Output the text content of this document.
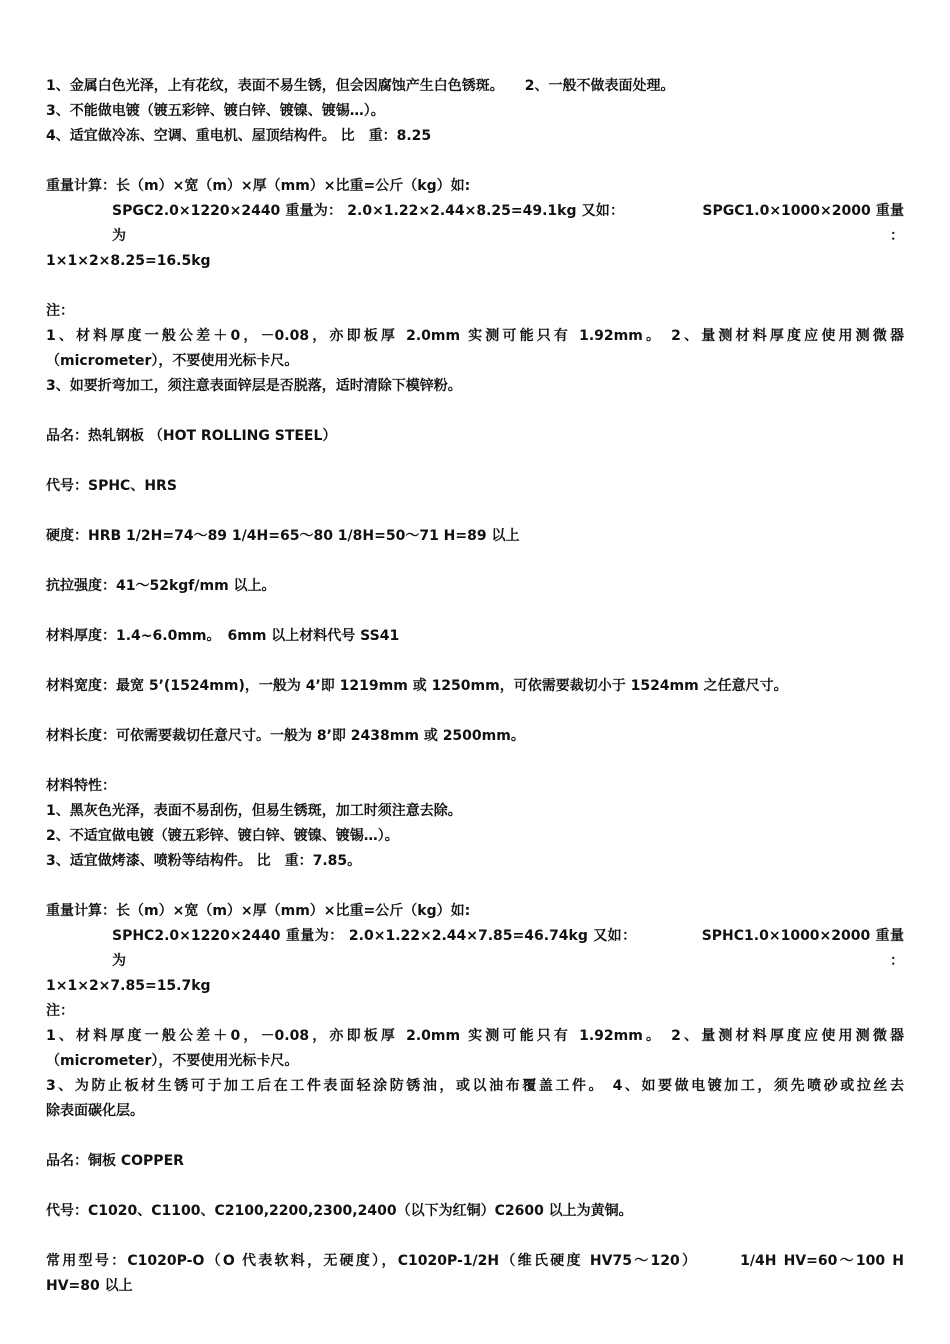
1、金属白色光泽，上有花纹，表面不易生锈，但会因腐蚀产生白色锈斑。　　2、一般不做表面处理。

3、不能做电镀（镀五彩锌、镀白锌、镀镍、镀锡…）。

4、适宜做冷冻、空调、重电机、屋顶结构件。 比　重：8.25

重量计算：长（m）×宽（m）×厚（mm）×比重=公斤（kg）如:

SPGC2.0×1220×2440 重量为： 2.0×1.22×2.44×8.25=49.1kg 又如：　　　　　　SPGC1.0×1000×2000 重量为：

1×1×2×8.25=16.5kg

注：

1、材料厚度一般公差＋0，－0.08，亦即板厚 2.0mm 实测可能只有 1.92mm。 2、量测材料厚度应使用测微器

（micrometer），不要使用光标卡尺。

3、如要折弯加工，须注意表面锌层是否脱落，适时清除下模锌粉。

品名：热轧钢板 （HOT ROLLING STEEL）

代号：SPHC、HRS

硬度：HRB 1/2H=74～89 1/4H=65～80 1/8H=50～71 H=89 以上

抗拉强度：41～52kgf/mm 以上。

材料厚度：1.4~6.0mm。　6mm 以上材料代号 SS41

材料宽度：最宽 5’(1524mm)，一般为 4’即 1219mm 或 1250mm，可依需要裁切小于 1524mm 之任意尺寸。

材料长度：可依需要裁切任意尺寸。一般为 8’即 2438mm 或 2500mm。

材料特性：

1、黑灰色光泽，表面不易刮伤，但易生锈斑，加工时须注意去除。

2、不适宜做电镀（镀五彩锌、镀白锌、镀镍、镀锡…）。

3、适宜做烤漆、喷粉等结构件。 比　重：7.85。

重量计算：长（m）×宽（m）×厚（mm）×比重=公斤（kg）如:

SPHC2.0×1220×2440 重量为： 2.0×1.22×2.44×7.85=46.74kg 又如：　　　　　SPHC1.0×1000×2000 重量为：

1×1×2×7.85=15.7kg

注：

1、材料厚度一般公差＋0，－0.08，亦即板厚 2.0mm 实测可能只有 1.92mm。 2、量测材料厚度应使用测微器

（micrometer），不要使用光标卡尺。

3、为防止板材生锈可于加工后在工件表面轻涂防锈油，或以油布覆盖工件。 4、如要做电镀加工，须先喷砂或拉丝去

除表面碳化层。

品名：铜板 COPPER

代号：C1020、C1100、C2100,2200,2300,2400（以下为红铜）C2600 以上为黄铜。

常用型号：C1020P-O（O 代表软料，无硬度），C1020P-1/2H（维氏硬度 HV75～120）　　　1/4H HV=60～100 H

HV=80 以上
